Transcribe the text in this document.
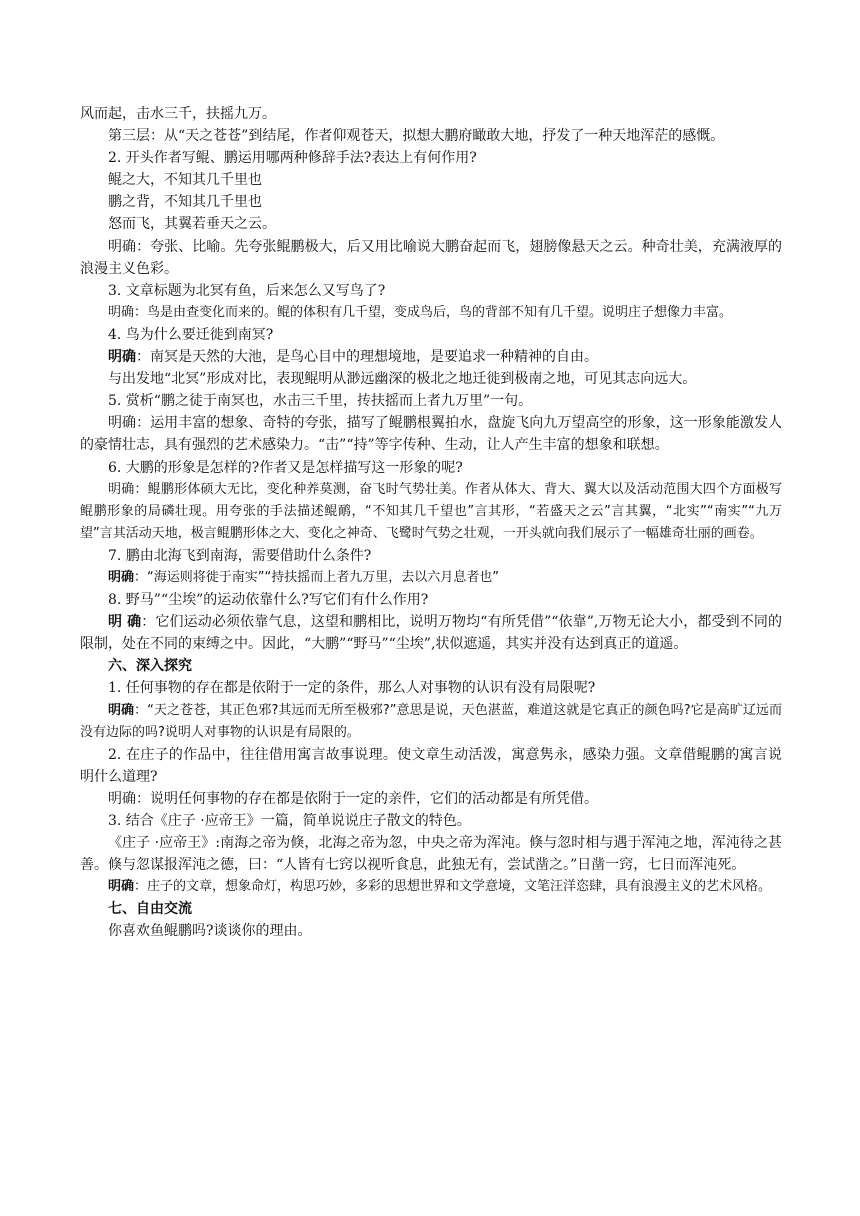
风而起，击水三千，扶摇九万。

第三层：从“天之苍苍”到结尾，作者仰观苍天，拟想大鹏府瞰敢大地，抒发了一种天地浑茫的感慨。

2. 开头作者写鲲、鹏运用哪两种修辞手法?表达上有何作用?

鲲之大，不知其几千里也

鹏之背，不知其几千里也

怒而飞，其翼若垂天之云。

明确：夸张、比喻。先夸张鲲鹏极大，后又用比喻说大鹏奋起而飞，翅膀像悬天之云。种奇壮美，充满液厚的浪漫主义色彩。

3. 文章标题为北冥有鱼，后来怎么又写鸟了?

明确：鸟是由查变化而来的。鲲的体积有几千望，变成鸟后，鸟的背部不知有几千望。说明庄子想像力丰富。

4. 鸟为什么要迁徙到南冥?

明确：南冥是天然的大池，是鸟心目中的理想境地，是要追求一种精神的自由。

与出发地“北冥”形成对比，表现鲲明从渺远幽深的极北之地迁徙到极南之地，可见其志向远大。

5. 赏析“鹏之徒于南冥也，水击三千里，抟扶摇而上者九万里”一句。

明确：运用丰富的想象、奇特的夸张，描写了鲲鹏根翼拍水，盘旋飞向九万望高空的形象，这一形象能激发人的豪情壮志，具有强烈的艺术感染力。“击”“持”等字传种、生动，让人产生丰富的想象和联想。

6. 大鹏的形象是怎样的?作者又是怎样描写这一形象的呢?

明确：鲲鹏形体硕大无比，变化种养莫测，奋飞时气势壮美。作者从体大、背大、翼大以及活动范围大四个方面极写鲲鹏形象的局磷壮现。用夸张的手法描述鲲鸸，“不知其几千望也”言其形，“若盛天之云”言其翼，“北实”“南实”“九万望”言其活动天地，极言鲲鹏形体之大、变化之神奇、飞鹭时气势之壮观，一开头就向我们展示了一幅雄奇壮丽的画卷。

7. 鹏由北海飞到南海，需要借助什么条件?

明确：“海运则将徙于南实”“持扶摇而上者九万里，去以六月息者也”

8. 野马”“尘埃”的运动依靠什么?写它们有什么作用?

明 确：它们运动必须依靠气息，这望和鹏相比，说明万物均“有所凭借”“依靠”,万物无论大小，都受到不同的限制，处在不同的束缚之中。因此，“大鹏”“野马”“尘埃”,状似遮遥，其实并没有达到真正的道遥。

六、深入探究

1. 任何事物的存在都是依附于一定的条件，那么人对事物的认识有没有局限呢?

明确：“天之苍苍，其正色邪?其远而无所至极邪?”意思是说，天色湛蓝，难道这就是它真正的颜色吗?它是高旷辽远而没有边际的吗?说明人对事物的认识是有局限的。

2. 在庄子的作品中，往往借用寓言故事说理。使文章生动活泼，寓意隽永，感染力强。文章借鲲鹏的寓言说明什么道理?

明确：说明任何事物的存在都是依附于一定的亲件，它们的活动都是有所凭借。

3. 结合《庄子 ·应帝王》一篇，简单说说庄子散文的特色。

《庄子 ·应帝王》:南海之帝为倏，北海之帝为忽，中央之帝为浑沌。倏与忽时相与遇于浑沌之地，浑沌待之甚善。倏与忽谋报浑沌之德，曰：“人皆有七窍以视听食息，此独无有，尝试凿之。”日凿一窍，七日而浑沌死。

明确：庄子的文章，想象命灯，构思巧妙，多彩的思想世界和文学意境，文笔汪洋恣肆，具有浪漫主义的艺术风格。

七、自由交流

你喜欢鱼鲲鹏吗?谈谈你的理由。
